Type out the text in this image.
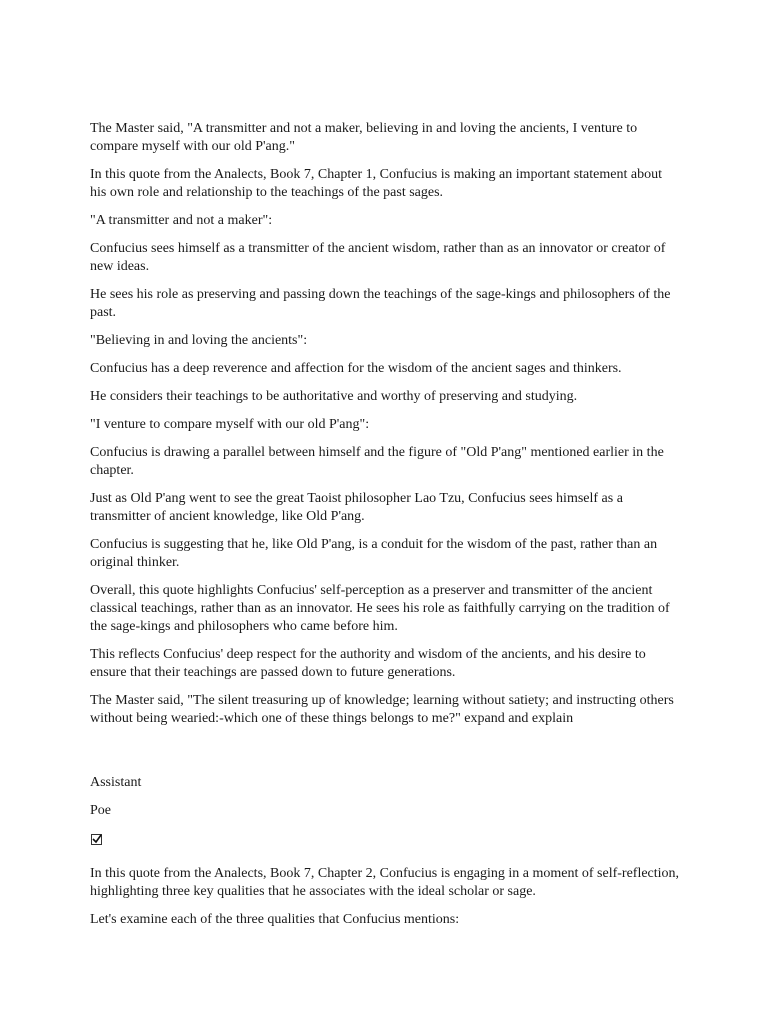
The Master said, "A transmitter and not a maker, believing in and loving the ancients, I venture to compare myself with our old P'ang."

In this quote from the Analects, Book 7, Chapter 1, Confucius is making an important statement about his own role and relationship to the teachings of the past sages.

"A transmitter and not a maker":

Confucius sees himself as a transmitter of the ancient wisdom, rather than as an innovator or creator of new ideas.

He sees his role as preserving and passing down the teachings of the sage-kings and philosophers of the past.

"Believing in and loving the ancients":

Confucius has a deep reverence and affection for the wisdom of the ancient sages and thinkers.

He considers their teachings to be authoritative and worthy of preserving and studying.

"I venture to compare myself with our old P'ang":

Confucius is drawing a parallel between himself and the figure of "Old P'ang" mentioned earlier in the chapter.

Just as Old P'ang went to see the great Taoist philosopher Lao Tzu, Confucius sees himself as a transmitter of ancient knowledge, like Old P'ang.

Confucius is suggesting that he, like Old P'ang, is a conduit for the wisdom of the past, rather than an original thinker.

Overall, this quote highlights Confucius' self-perception as a preserver and transmitter of the ancient classical teachings, rather than as an innovator. He sees his role as faithfully carrying on the tradition of the sage-kings and philosophers who came before him.

This reflects Confucius' deep respect for the authority and wisdom of the ancients, and his desire to ensure that their teachings are passed down to future generations.

The Master said, "The silent treasuring up of knowledge; learning without satiety; and instructing others without being wearied:-which one of these things belongs to me?" expand and explain

Assistant

Poe

In this quote from the Analects, Book 7, Chapter 2, Confucius is engaging in a moment of self-reflection, highlighting three key qualities that he associates with the ideal scholar or sage.

Let's examine each of the three qualities that Confucius mentions:
